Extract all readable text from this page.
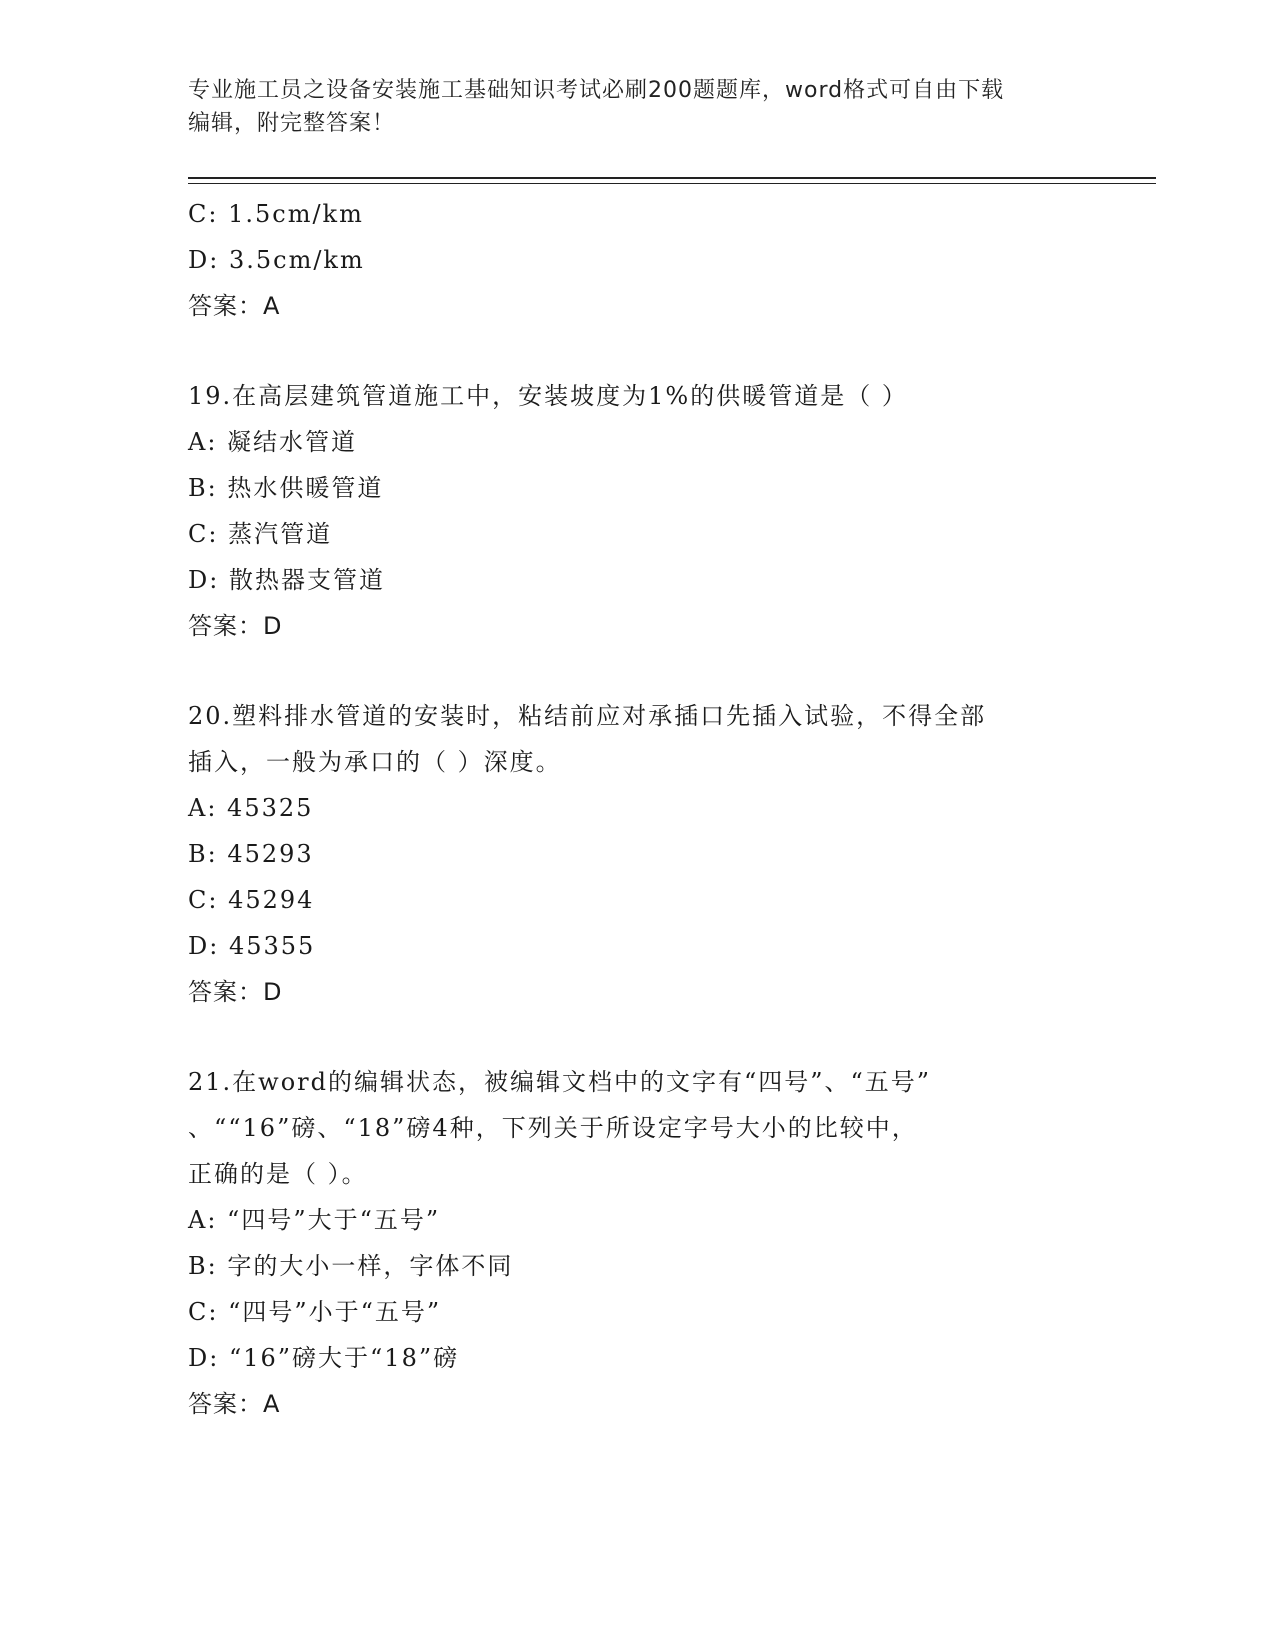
专业施工员之设备安装施工基础知识考试必刷200题题库，word格式可自由下载
编辑，附完整答案！
C: 1.5cm/km
D: 3.5cm/km
答案：A
19.在高层建筑管道施工中，安装坡度为1%的供暖管道是（ ）
A: 凝结水管道
B: 热水供暖管道
C: 蒸汽管道
D: 散热器支管道
答案：D
20.塑料排水管道的安装时，粘结前应对承插口先插入试验，不得全部
插入，一般为承口的（ ）深度。
A: 45325
B: 45293
C: 45294
D: 45355
答案：D
21.在word的编辑状态，被编辑文档中的文字有“四号”、“五号”
、““16”磅、“18”磅4种，下列关于所设定字号大小的比较中，
正确的是（ ）。
A: “四号”大于“五号”
B: 字的大小一样，字体不同
C: “四号”小于“五号”
D: “16”磅大于“18”磅
答案：A
